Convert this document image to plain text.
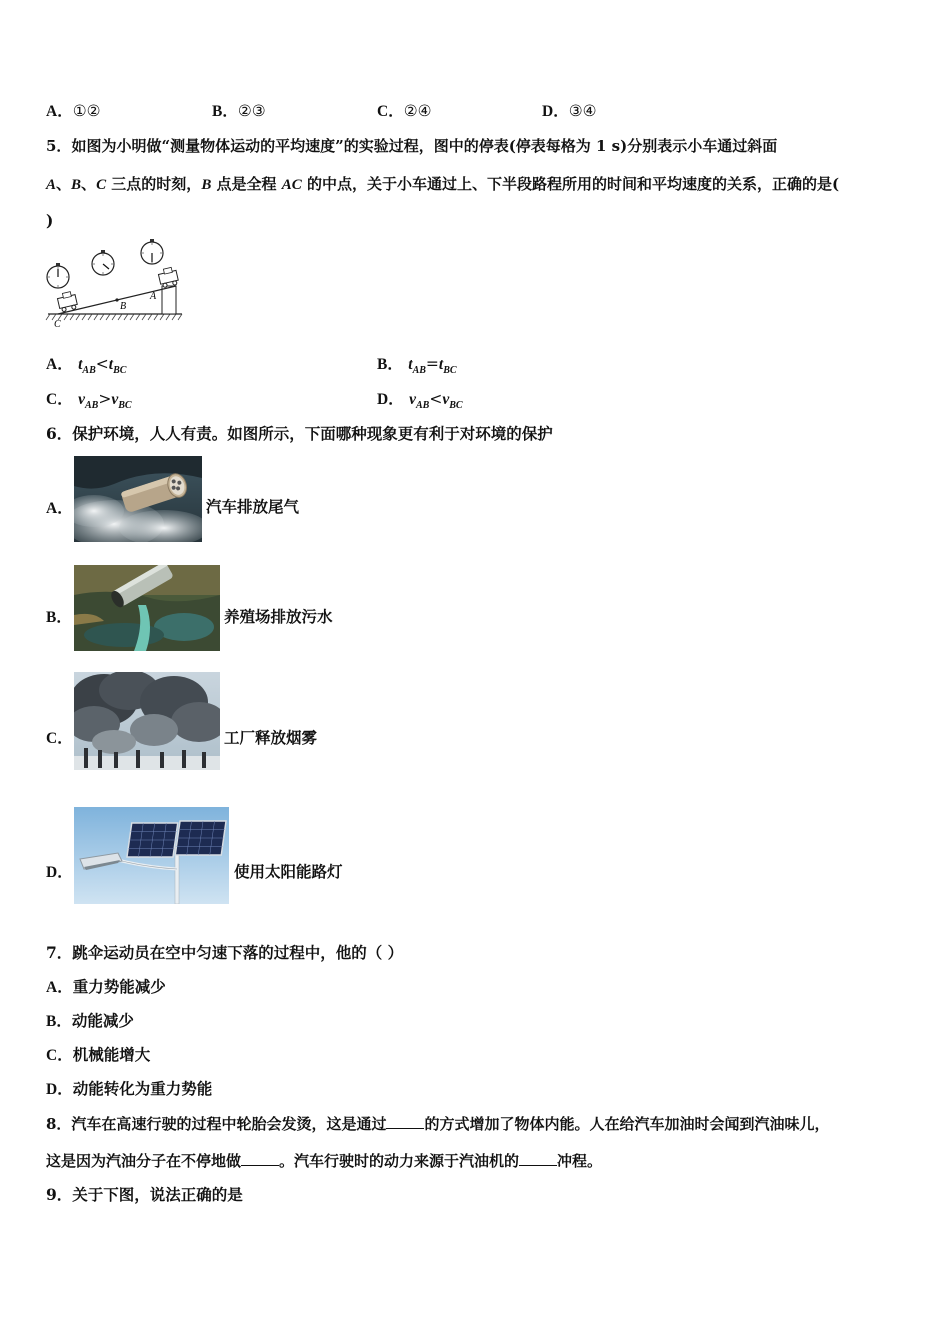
A．①②	B．②③	C．②④	D．③④
5．如图为小明做“测量物体运动的平均速度”的实验过程，图中的停表(停表每格为 1 s)分别表示小车通过斜面
A、B、C 三点的时刻，B 点是全程 AC 的中点，关于小车通过上、下半段路程所用的时间和平均速度的关系，正确的是(
)
B
A
C
A． $t_{AB}<t_{BC}$	B． $t_{AB}=t_{BC}$
C． $v_{AB}>v_{BC}$	D． $v_{AB}<v_{BC}$
6．保护环境，人人有责。如图所示，下面哪种现象更有利于对环境的保护
A．	汽车排放尾气
B．	养殖场排放污水
C．	工厂释放烟雾
D．	使用太阳能路灯
7．跳伞运动员在空中匀速下落的过程中，他的（ ）
A．重力势能减少
B．动能减少
C．机械能增大
D．动能转化为重力势能
8．汽车在高速行驶的过程中轮胎会发烫，这是通过	的方式增加了物体内能。人在给汽车加油时会闻到汽油味儿，
这是因为汽油分子在不停地做	。汽车行驶时的动力来源于汽油机的	冲程。
9．关于下图，说法正确的是
